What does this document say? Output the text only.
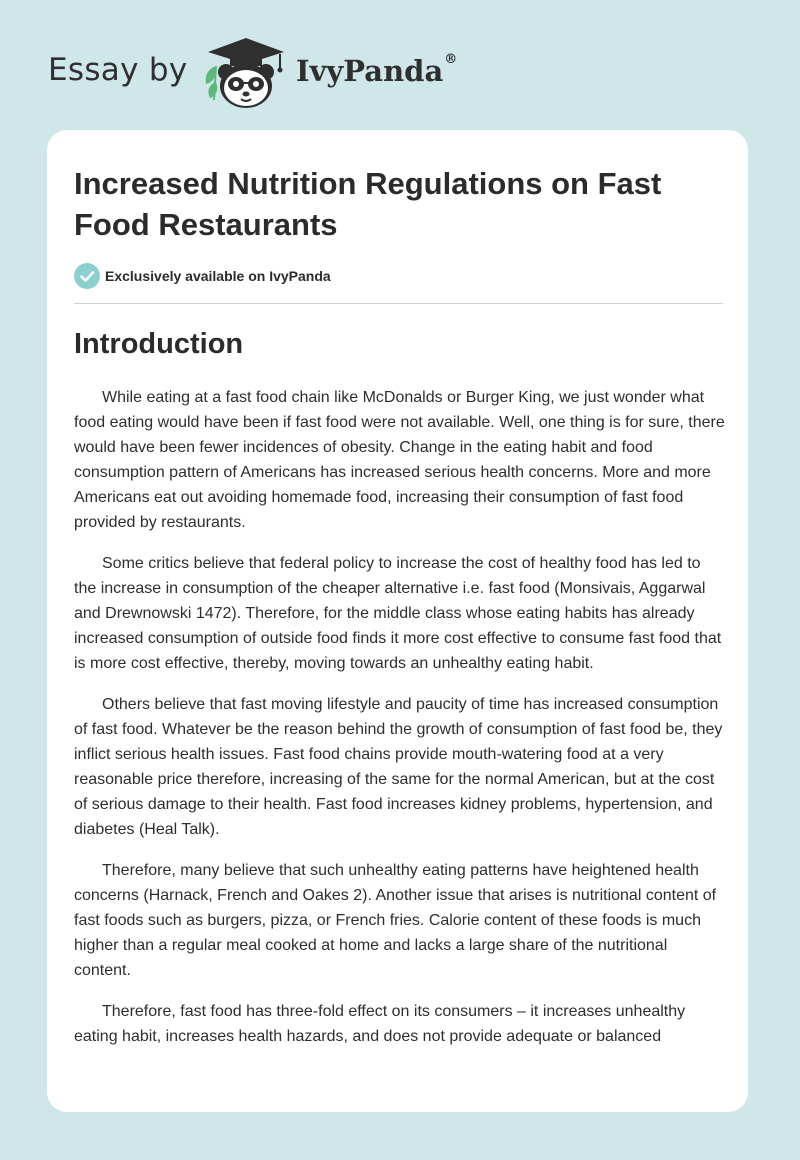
Essay by	IvyPanda®
Increased Nutrition Regulations on Fast Food Restaurants
Exclusively available on IvyPanda
Introduction

While eating at a fast food chain like McDonalds or Burger King, we just wonder what food eating would have been if fast food were not available. Well, one thing is for sure, there would have been fewer incidences of obesity. Change in the eating habit and food consumption pattern of Americans has increased serious health concerns. More and more Americans eat out avoiding homemade food, increasing their consumption of fast food provided by restaurants.

Some critics believe that federal policy to increase the cost of healthy food has led to the increase in consumption of the cheaper alternative i.e. fast food (Monsivais, Aggarwal and Drewnowski 1472). Therefore, for the middle class whose eating habits has already increased consumption of outside food finds it more cost effective to consume fast food that is more cost effective, thereby, moving towards an unhealthy eating habit.

Others believe that fast moving lifestyle and paucity of time has increased consumption of fast food. Whatever be the reason behind the growth of consumption of fast food be, they inflict serious health issues. Fast food chains provide mouth-watering food at a very reasonable price therefore, increasing of the same for the normal American, but at the cost of serious damage to their health. Fast food increases kidney problems, hypertension, and diabetes (Heal Talk).

Therefore, many believe that such unhealthy eating patterns have heightened health concerns (Harnack, French and Oakes 2). Another issue that arises is nutritional content of fast foods such as burgers, pizza, or French fries. Calorie content of these foods is much higher than a regular meal cooked at home and lacks a large share of the nutritional content.

Therefore, fast food has three-fold effect on its consumers – it increases unhealthy eating habit, increases health hazards, and does not provide adequate or balanced
